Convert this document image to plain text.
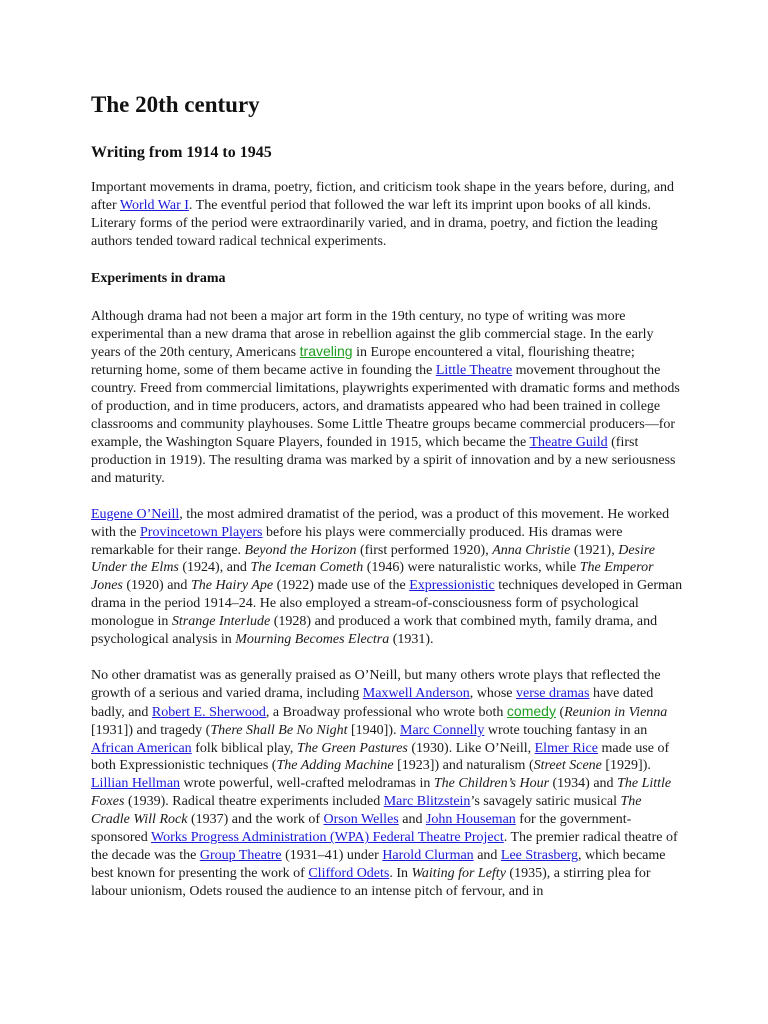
The 20th century
Writing from 1914 to 1945

Important movements in drama, poetry, fiction, and criticism took shape in the years before, during, and after World War I. The eventful period that followed the war left its imprint upon books of all kinds. Literary forms of the period were extraordinarily varied, and in drama, poetry, and fiction the leading authors tended toward radical technical experiments.

Experiments in drama

Although drama had not been a major art form in the 19th century, no type of writing was more experimental than a new drama that arose in rebellion against the glib commercial stage. In the early years of the 20th century, Americans traveling in Europe encountered a vital, flourishing theatre; returning home, some of them became active in founding the Little Theatre movement throughout the country. Freed from commercial limitations, playwrights experimented with dramatic forms and methods of production, and in time producers, actors, and dramatists appeared who had been trained in college classrooms and community playhouses. Some Little Theatre groups became commercial producers—for example, the Washington Square Players, founded in 1915, which became the Theatre Guild (first production in 1919). The resulting drama was marked by a spirit of innovation and by a new seriousness and maturity.

Eugene O’Neill, the most admired dramatist of the period, was a product of this movement. He worked with the Provincetown Players before his plays were commercially produced. His dramas were remarkable for their range. Beyond the Horizon (first performed 1920), Anna Christie (1921), Desire Under the Elms (1924), and The Iceman Cometh (1946) were naturalistic works, while The Emperor Jones (1920) and The Hairy Ape (1922) made use of the Expressionistic techniques developed in German drama in the period 1914–24. He also employed a stream-of-consciousness form of psychological monologue in Strange Interlude (1928) and produced a work that combined myth, family drama, and psychological analysis in Mourning Becomes Electra (1931).

No other dramatist was as generally praised as O’Neill, but many others wrote plays that reflected the growth of a serious and varied drama, including Maxwell Anderson, whose verse dramas have dated badly, and Robert E. Sherwood, a Broadway professional who wrote both comedy (Reunion in Vienna [1931]) and tragedy (There Shall Be No Night [1940]). Marc Connelly wrote touching fantasy in an African American folk biblical play, The Green Pastures (1930). Like O’Neill, Elmer Rice made use of both Expressionistic techniques (The Adding Machine [1923]) and naturalism (Street Scene [1929]). Lillian Hellman wrote powerful, well-crafted melodramas in The Children’s Hour (1934) and The Little Foxes (1939). Radical theatre experiments included Marc Blitzstein’s savagely satiric musical The Cradle Will Rock (1937) and the work of Orson Welles and John Houseman for the government-sponsored Works Progress Administration (WPA) Federal Theatre Project. The premier radical theatre of the decade was the Group Theatre (1931–41) under Harold Clurman and Lee Strasberg, which became best known for presenting the work of Clifford Odets. In Waiting for Lefty (1935), a stirring plea for labour unionism, Odets roused the audience to an intense pitch of fervour, and in
